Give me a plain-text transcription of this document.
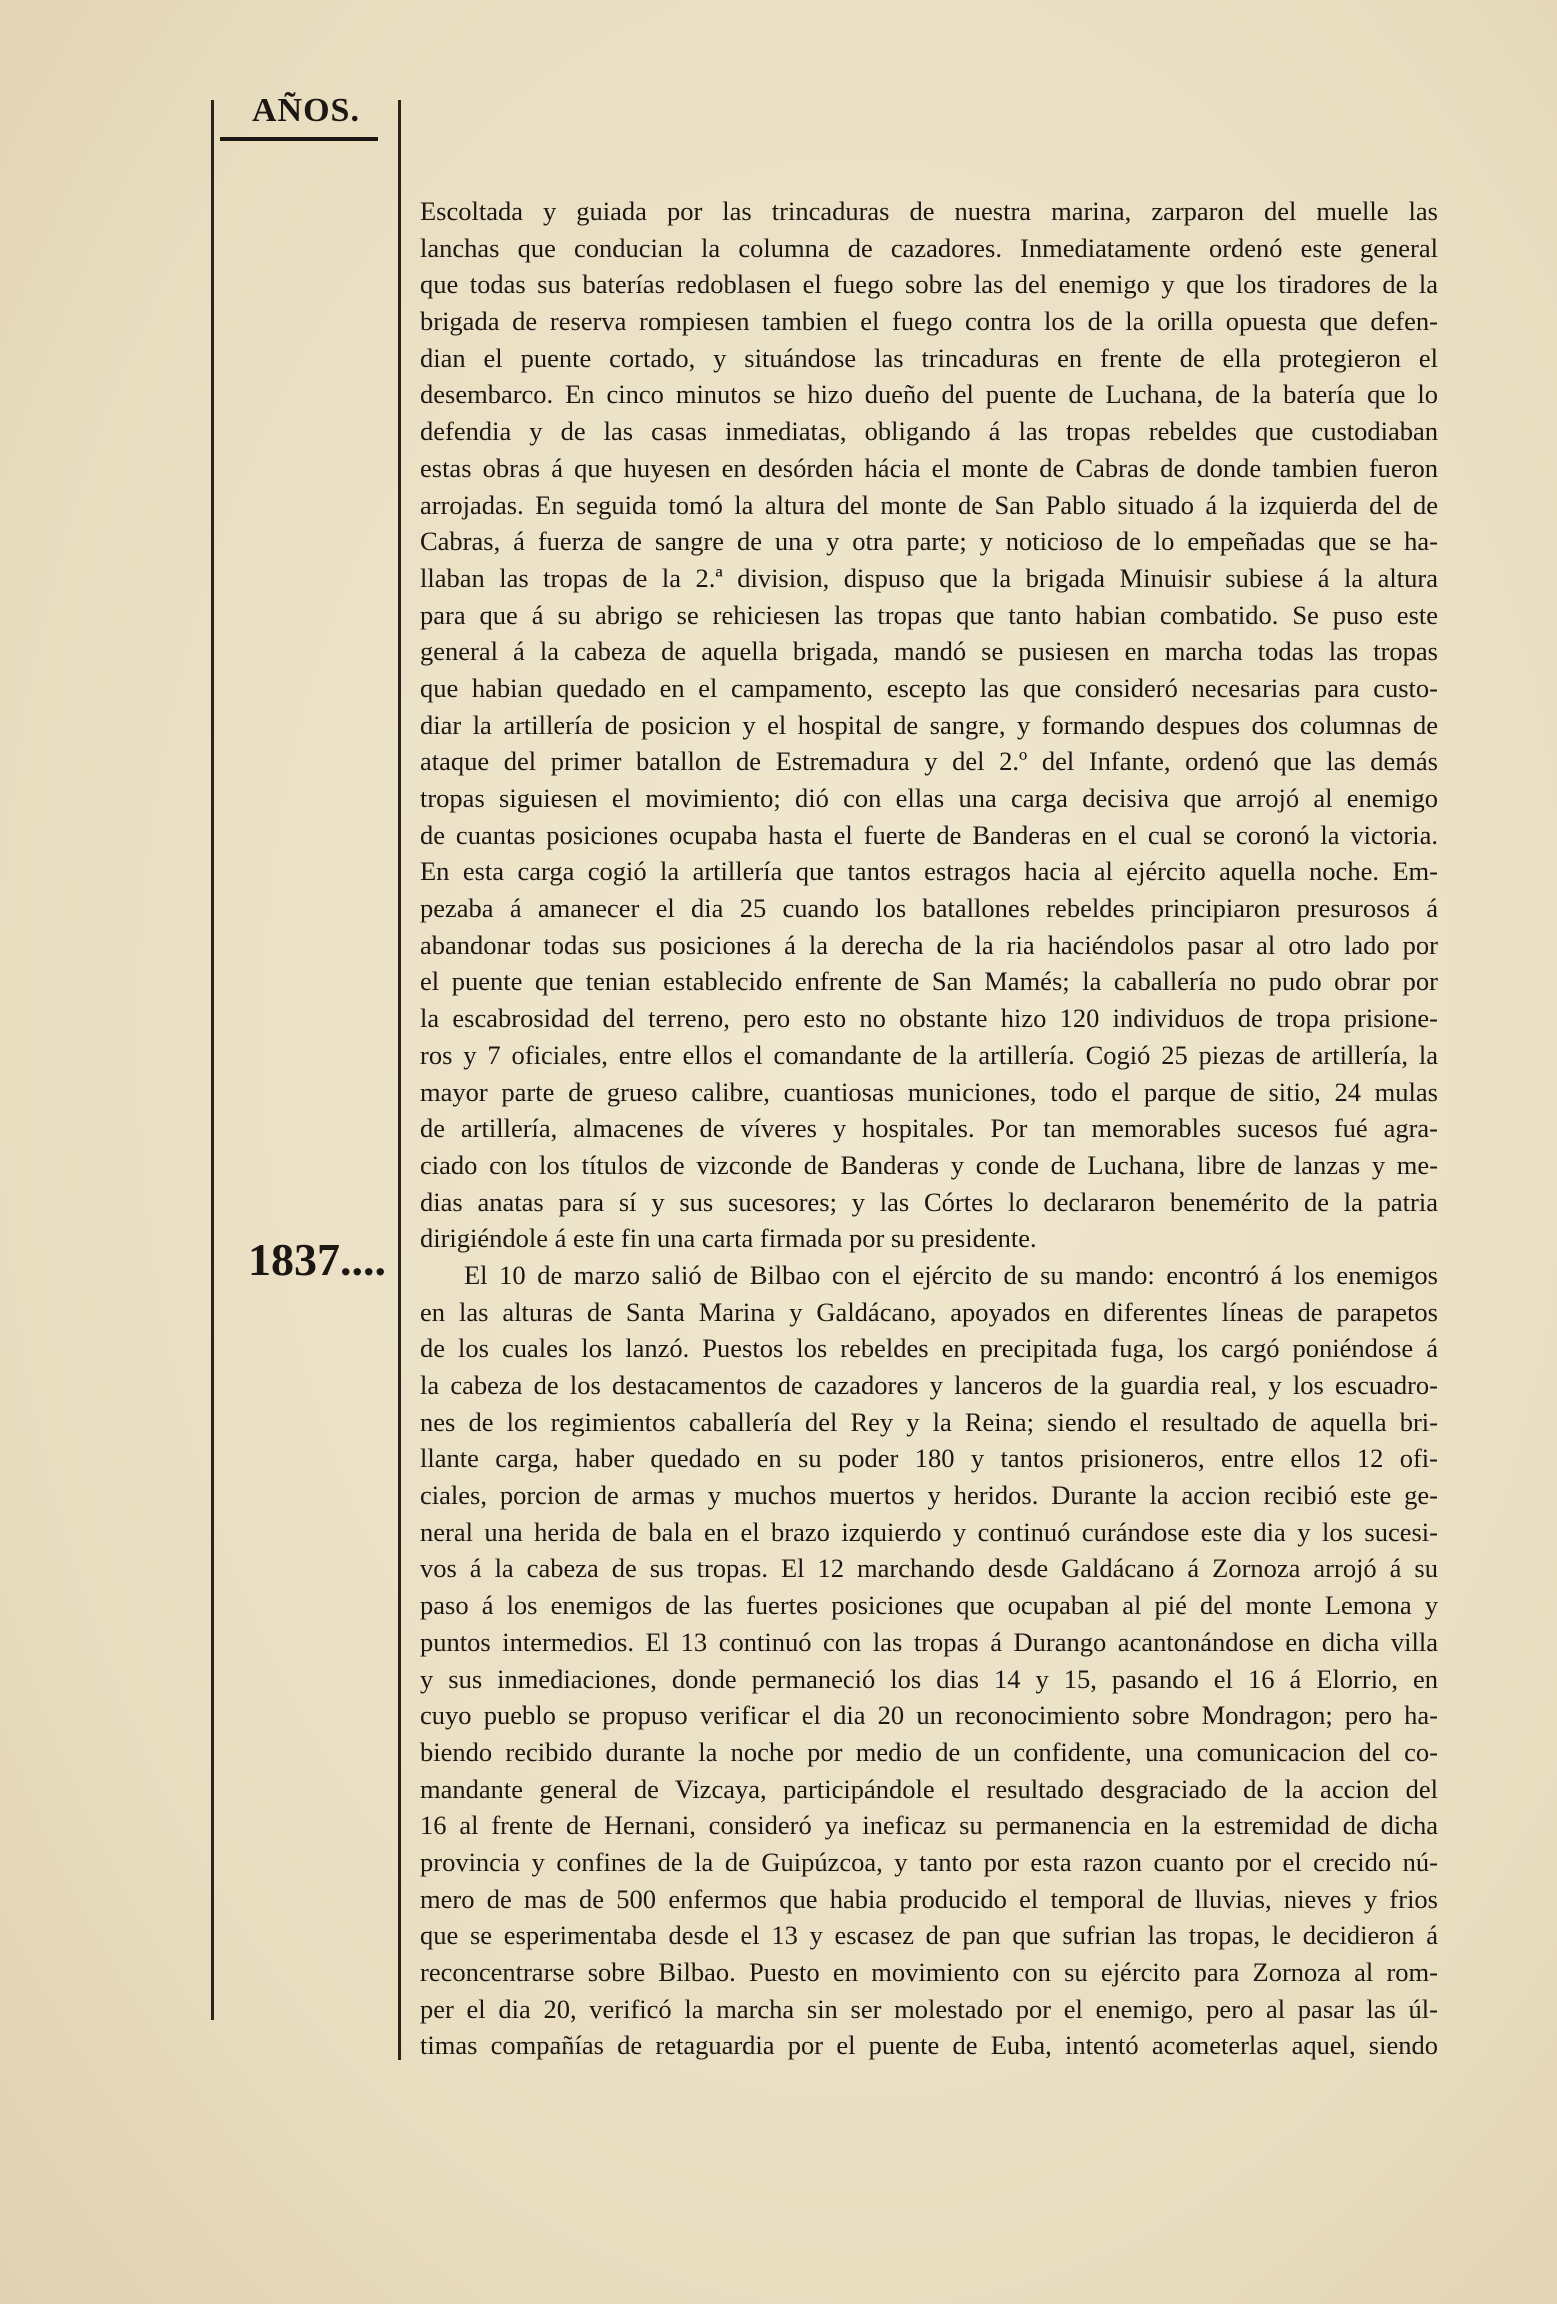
AÑOS.
1837....
Escoltada y guiada por las trincaduras de nuestra marina, zarparon del muelle las
lanchas que conducian la columna de cazadores. Inmediatamente ordenó este general
que todas sus baterías redoblasen el fuego sobre las del enemigo y que los tiradores de la
brigada de reserva rompiesen tambien el fuego contra los de la orilla opuesta que defen-
dian el puente cortado, y situándose las trincaduras en frente de ella protegieron el
desembarco. En cinco minutos se hizo dueño del puente de Luchana, de la batería que lo
defendia y de las casas inmediatas, obligando á las tropas rebeldes que custodiaban
estas obras á que huyesen en desórden hácia el monte de Cabras de donde tambien fueron
arrojadas. En seguida tomó la altura del monte de San Pablo situado á la izquierda del de
Cabras, á fuerza de sangre de una y otra parte; y noticioso de lo empeñadas que se ha-
llaban las tropas de la 2.ª division, dispuso que la brigada Minuisir subiese á la altura
para que á su abrigo se rehiciesen las tropas que tanto habian combatido. Se puso este
general á la cabeza de aquella brigada, mandó se pusiesen en marcha todas las tropas
que habian quedado en el campamento, escepto las que consideró necesarias para custo-
diar la artillería de posicion y el hospital de sangre, y formando despues dos columnas de
ataque del primer batallon de Estremadura y del 2.º del Infante, ordenó que las demás
tropas siguiesen el movimiento; dió con ellas una carga decisiva que arrojó al enemigo
de cuantas posiciones ocupaba hasta el fuerte de Banderas en el cual se coronó la victoria.
En esta carga cogió la artillería que tantos estragos hacia al ejército aquella noche. Em-
pezaba á amanecer el dia 25 cuando los batallones rebeldes principiaron presurosos á
abandonar todas sus posiciones á la derecha de la ria haciéndolos pasar al otro lado por
el puente que tenian establecido enfrente de San Mamés; la caballería no pudo obrar por
la escabrosidad del terreno, pero esto no obstante hizo 120 individuos de tropa prisione-
ros y 7 oficiales, entre ellos el comandante de la artillería. Cogió 25 piezas de artillería, la
mayor parte de grueso calibre, cuantiosas municiones, todo el parque de sitio, 24 mulas
de artillería, almacenes de víveres y hospitales. Por tan memorables sucesos fué agra-
ciado con los títulos de vizconde de Banderas y conde de Luchana, libre de lanzas y me-
dias anatas para sí y sus sucesores; y las Córtes lo declararon benemérito de la patria
dirigiéndole á este fin una carta firmada por su presidente.
El 10 de marzo salió de Bilbao con el ejército de su mando: encontró á los enemigos
en las alturas de Santa Marina y Galdácano, apoyados en diferentes líneas de parapetos
de los cuales los lanzó. Puestos los rebeldes en precipitada fuga, los cargó poniéndose á
la cabeza de los destacamentos de cazadores y lanceros de la guardia real, y los escuadro-
nes de los regimientos caballería del Rey y la Reina; siendo el resultado de aquella bri-
llante carga, haber quedado en su poder 180 y tantos prisioneros, entre ellos 12 ofi-
ciales, porcion de armas y muchos muertos y heridos. Durante la accion recibió este ge-
neral una herida de bala en el brazo izquierdo y continuó curándose este dia y los sucesi-
vos á la cabeza de sus tropas. El 12 marchando desde Galdácano á Zornoza arrojó á su
paso á los enemigos de las fuertes posiciones que ocupaban al pié del monte Lemona y
puntos intermedios. El 13 continuó con las tropas á Durango acantonándose en dicha villa
y sus inmediaciones, donde permaneció los dias 14 y 15, pasando el 16 á Elorrio, en
cuyo pueblo se propuso verificar el dia 20 un reconocimiento sobre Mondragon; pero ha-
biendo recibido durante la noche por medio de un confidente, una comunicacion del co-
mandante general de Vizcaya, participándole el resultado desgraciado de la accion del
16 al frente de Hernani, consideró ya ineficaz su permanencia en la estremidad de dicha
provincia y confines de la de Guipúzcoa, y tanto por esta razon cuanto por el crecido nú-
mero de mas de 500 enfermos que habia producido el temporal de lluvias, nieves y frios
que se esperimentaba desde el 13 y escasez de pan que sufrian las tropas, le decidieron á
reconcentrarse sobre Bilbao. Puesto en movimiento con su ejército para Zornoza al rom-
per el dia 20, verificó la marcha sin ser molestado por el enemigo, pero al pasar las úl-
timas compañías de retaguardia por el puente de Euba, intentó acometerlas aquel, siendo
